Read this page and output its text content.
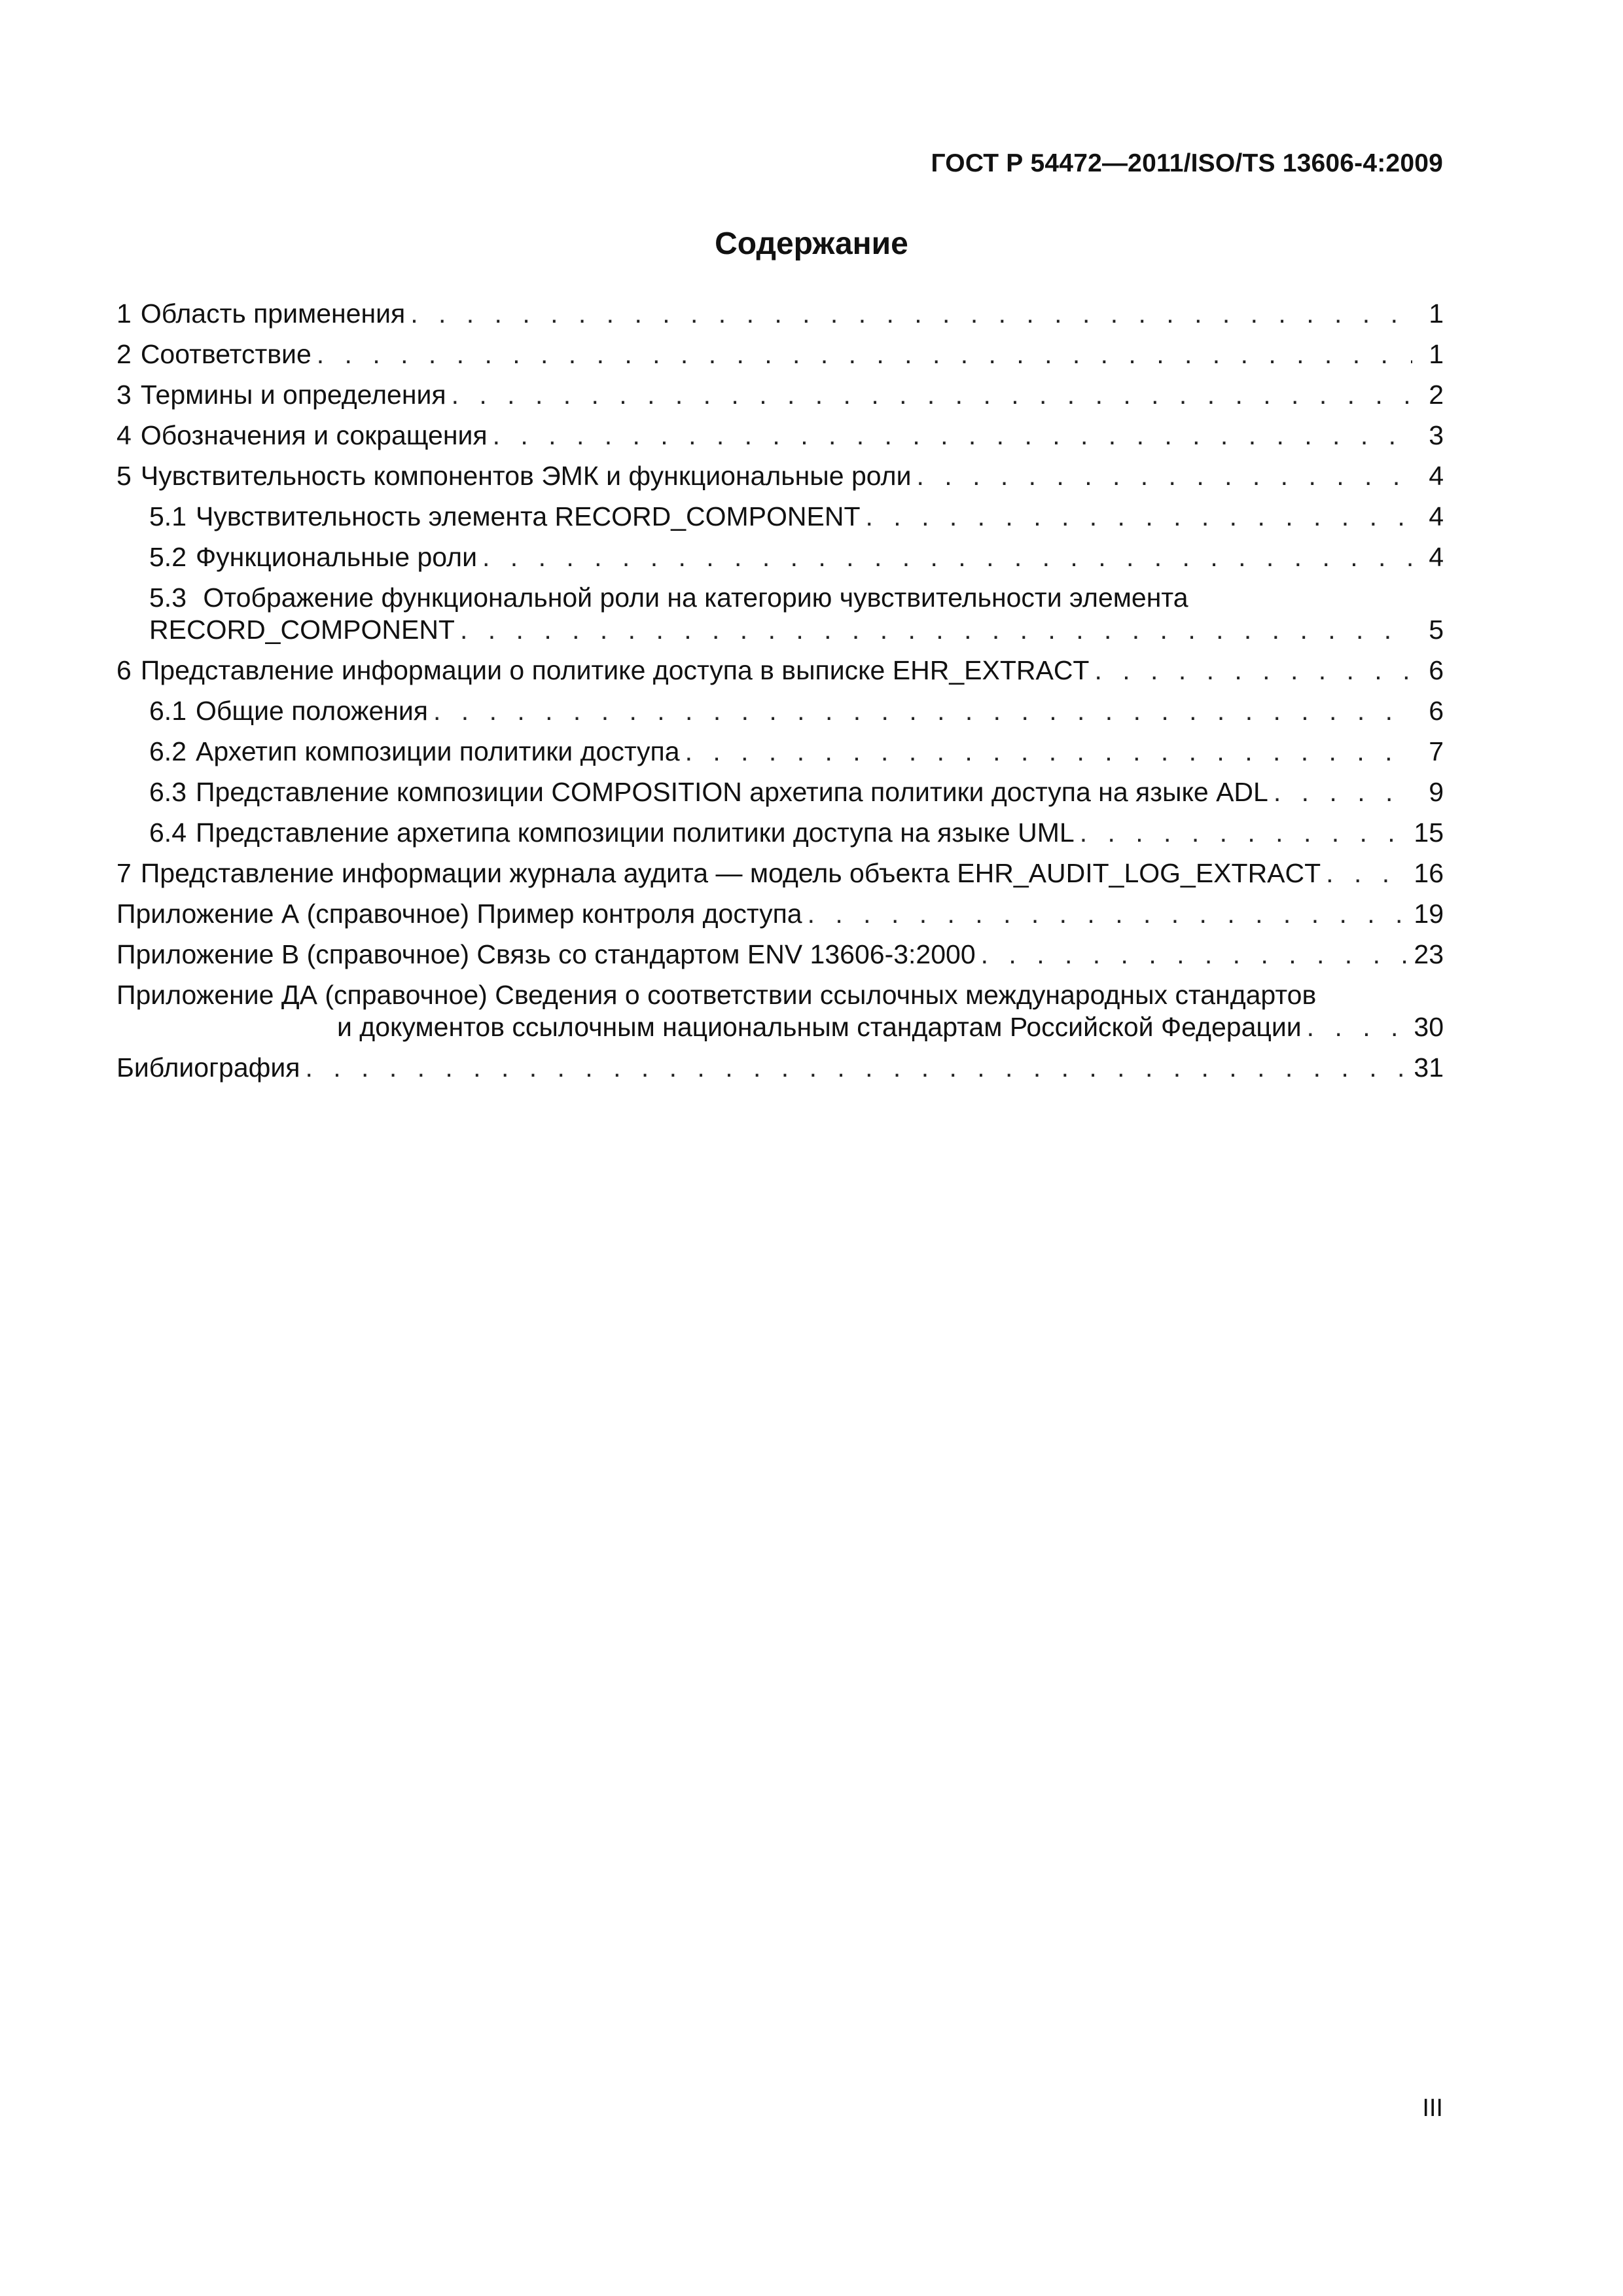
ГОСТ Р 54472—2011/ISO/TS 13606-4:2009
Содержание
1 Область применения . . .	1
2 Соответствие . . .	1
3 Термины и определения . . .	2
4 Обозначения и сокращения . . .	3
5 Чувствительность компонентов ЭМК и функциональные роли . . .	4
5.1 Чувствительность элемента RECORD_COMPONENT . . .	4
5.2 Функциональные роли . . .	4
5.3 Отображение функциональной роли на категорию чувствительности элемента
RECORD_COMPONENT . . .	5
6 Представление информации о политике доступа в выписке EHR_EXTRACT . . .	6
6.1 Общие положения . . .	6
6.2 Архетип композиции политики доступа . . .	7
6.3 Представление композиции COMPOSITION архетипа политики доступа на языке ADL . . .	9
6.4 Представление архетипа композиции политики доступа на языке UML . . .	15
7 Представление информации журнала аудита — модель объекта EHR_AUDIT_LOG_EXTRACT . . .	16
Приложение А (справочное) Пример контроля доступа . . .	19
Приложение В (справочное) Связь со стандартом ENV 13606-3:2000 . . .	23
Приложение ДА (справочное) Сведения о соответствии ссылочных международных стандартов
и документов ссылочным национальным стандартам Российской Федерации . . .	30
Библиография . . .	31
III
